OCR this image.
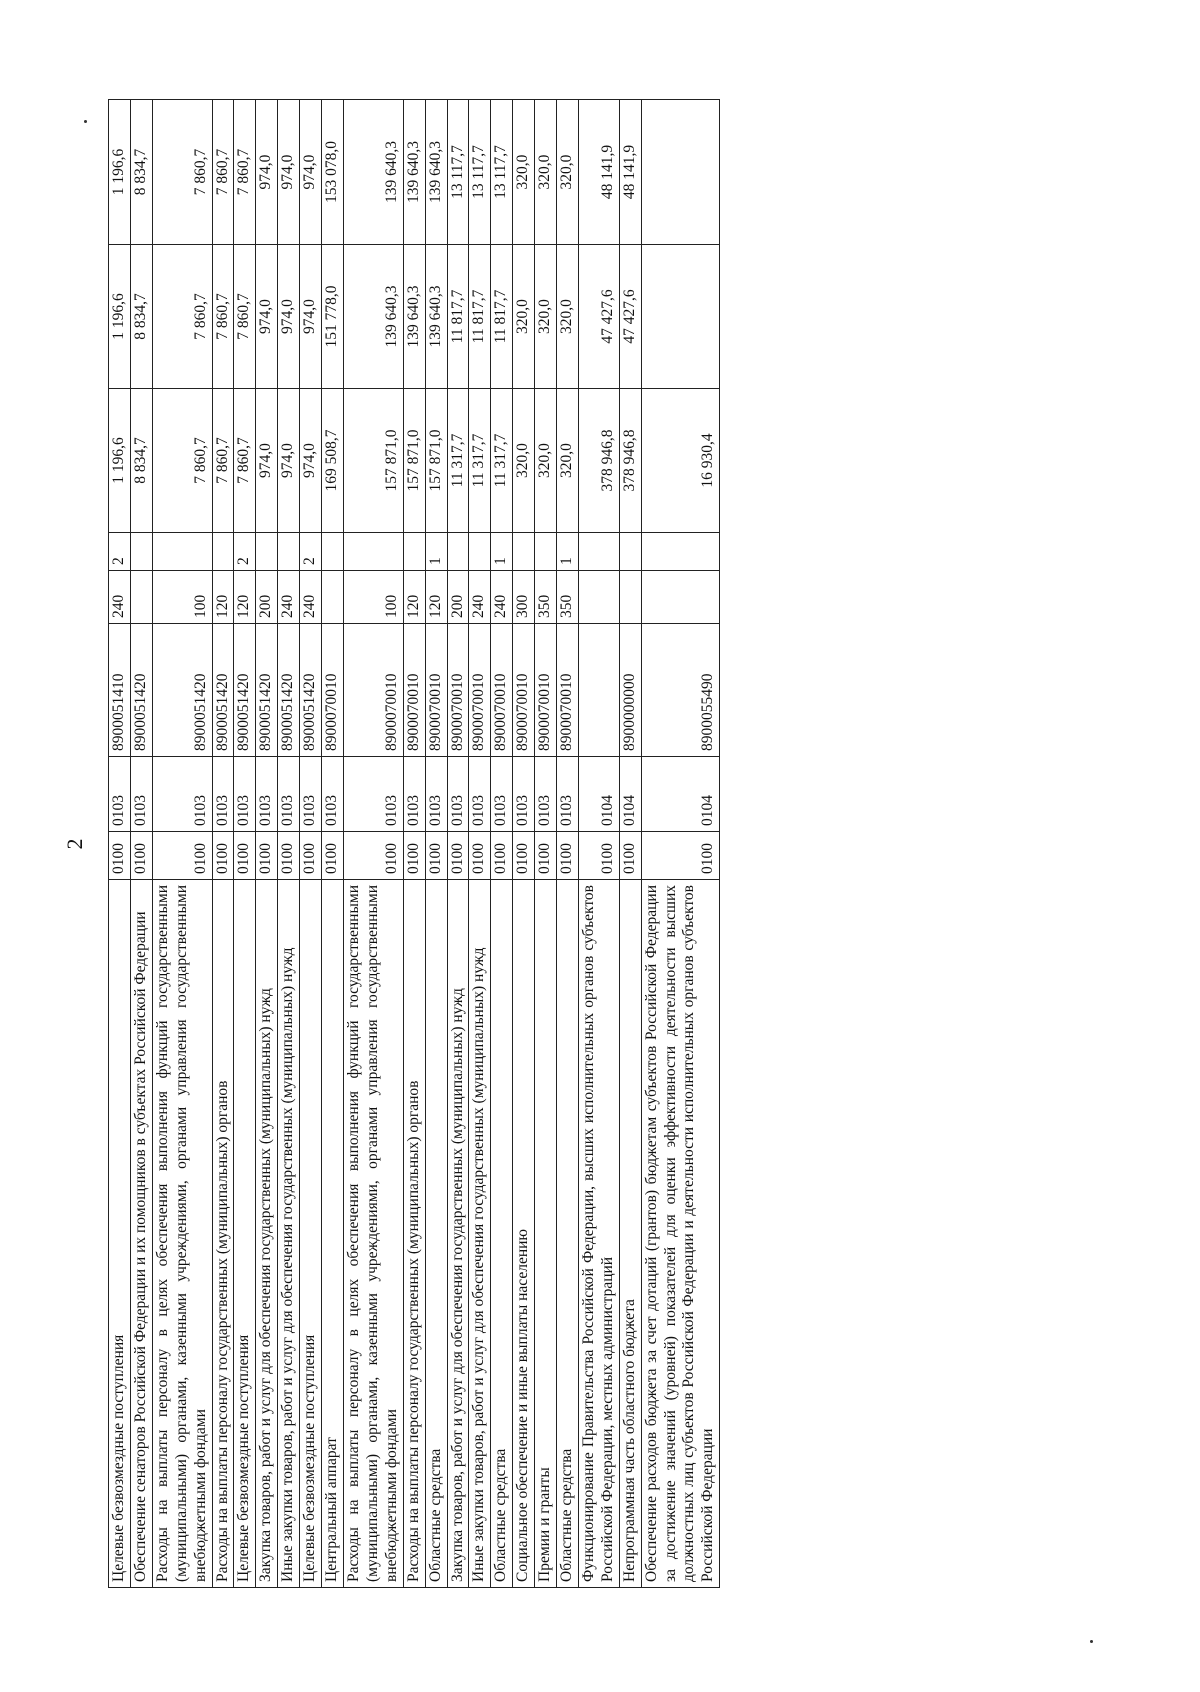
2
Целевые безвозмездные поступления	0100	0103	8900051410	240	2	1 196,6	1 196,6	1 196,6
Обеспечение сенаторов Российской Федерации и их помощников в субъектах Российской Федерации	0100	0103	8900051420			8 834,7	8 834,7	8 834,7
Расходы на выплаты персоналу в целях обеспечения выполнения функций государственными (муниципальными) органами, казенными учреждениями, органами управления государственными внебюджетными фондами	0100	0103	8900051420	100		7 860,7	7 860,7	7 860,7
Расходы на выплаты персоналу государственных (муниципальных) органов	0100	0103	8900051420	120		7 860,7	7 860,7	7 860,7
Целевые безвозмездные поступления	0100	0103	8900051420	120	2	7 860,7	7 860,7	7 860,7
Закупка товаров, работ и услуг для обеспечения государственных (муниципальных) нужд	0100	0103	8900051420	200		974,0	974,0	974,0
Иные закупки товаров, работ и услуг для обеспечения государственных (муниципальных) нужд	0100	0103	8900051420	240		974,0	974,0	974,0
Целевые безвозмездные поступления	0100	0103	8900051420	240	2	974,0	974,0	974,0
Центральный аппарат	0100	0103	8900070010			169 508,7	151 778,0	153 078,0
Расходы на выплаты персоналу в целях обеспечения выполнения функций государственными (муниципальными) органами, казенными учреждениями, органами управления государственными внебюджетными фондами	0100	0103	8900070010	100		157 871,0	139 640,3	139 640,3
Расходы на выплаты персоналу государственных (муниципальных) органов	0100	0103	8900070010	120		157 871,0	139 640,3	139 640,3
Областные средства	0100	0103	8900070010	120	1	157 871,0	139 640,3	139 640,3
Закупка товаров, работ и услуг для обеспечения государственных (муниципальных) нужд	0100	0103	8900070010	200		11 317,7	11 817,7	13 117,7
Иные закупки товаров, работ и услуг для обеспечения государственных (муниципальных) нужд	0100	0103	8900070010	240		11 317,7	11 817,7	13 117,7
Областные средства	0100	0103	8900070010	240	1	11 317,7	11 817,7	13 117,7
Социальное обеспечение и иные выплаты населению	0100	0103	8900070010	300		320,0	320,0	320,0
Премии и гранты	0100	0103	8900070010	350		320,0	320,0	320,0
Областные средства	0100	0103	8900070010	350	1	320,0	320,0	320,0
Функционирование Правительства Российской Федерации, высших исполнительных органов субъектов Российской Федерации, местных администраций	0100	0104				378 946,8	47 427,6	48 141,9
Непрограммная часть областного бюджета	0100	0104	8900000000			378 946,8	47 427,6	48 141,9
Обеспечение расходов бюджета за счет дотаций (грантов) бюджетам субъектов Российской Федерации за достижение значений (уровней) показателей для оценки эффективности деятельности высших должностных лиц субъектов Российской Федерации и деятельности исполнительных органов субъектов Российской Федерации	0100	0104	8900055490			16 930,4		
